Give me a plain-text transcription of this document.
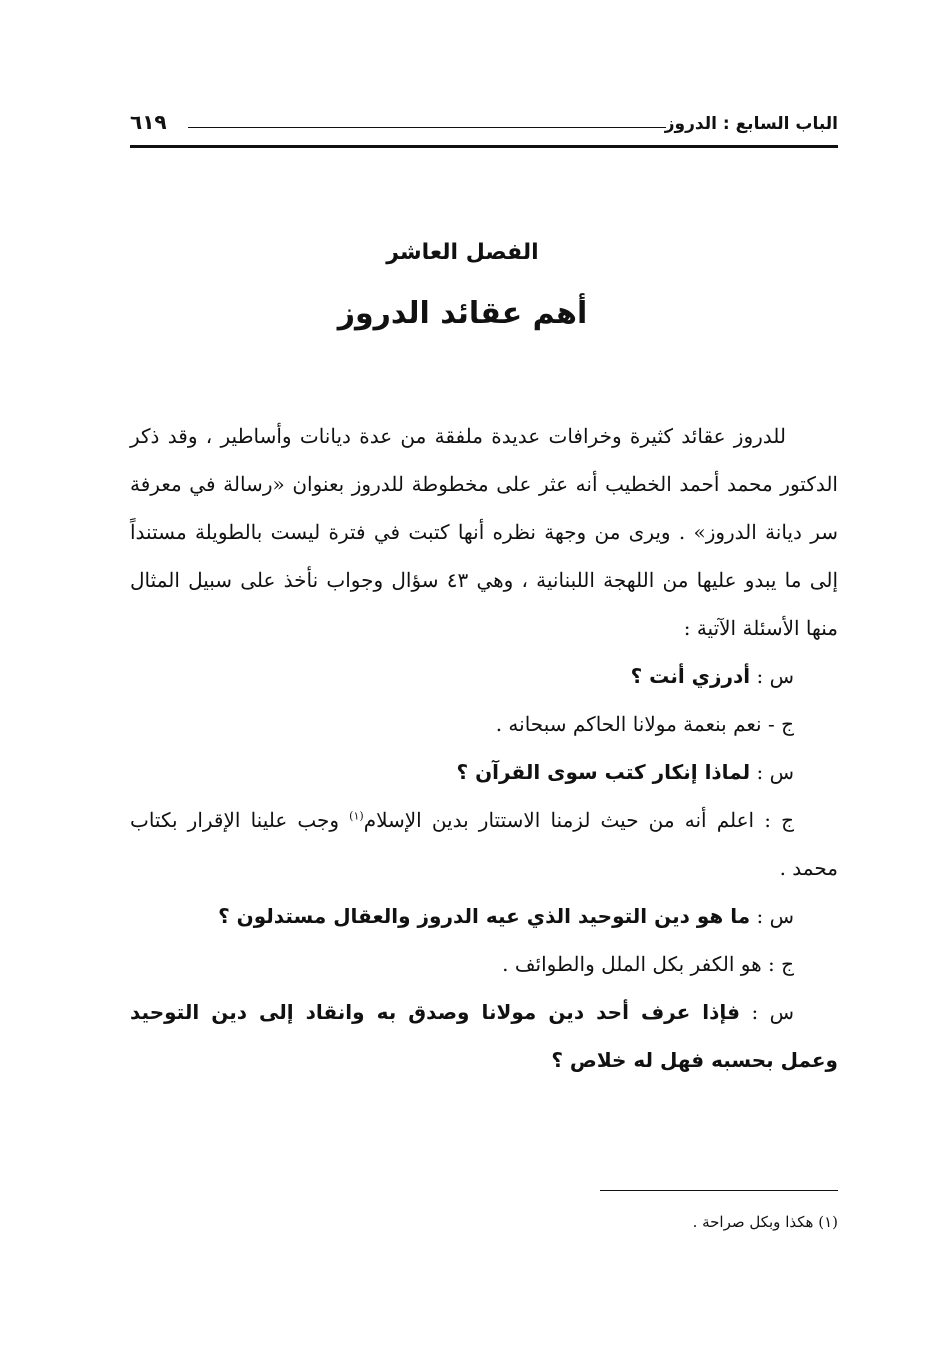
الباب السابع : الدروز
٦١٩
الفصل العاشر
أهم عقائد الدروز

للدروز عقائد كثيرة وخرافات عديدة ملفقة من عدة ديانات وأساطير ، وقد ذكر الدكتور محمد أحمد الخطيب أنه عثر على مخطوطة للدروز بعنوان «رسالة في معرفة سر ديانة الدروز» . ويرى من وجهة نظره أنها كتبت في فترة ليست بالطويلة مستنداً إلى ما يبدو عليها من اللهجة اللبنانية ، وهي ٤٣ سؤال وجواب نأخذ على سبيل المثال منها الأسئلة الآتية :

س : أدرزي أنت ؟

ج - نعم بنعمة مولانا الحاكم سبحانه .

س : لماذا إنكار كتب سوى القرآن ؟

ج : اعلم أنه من حيث لزمنا الاستتار بدين الإسلام$^{(١)}$ وجب علينا الإقرار بكتاب محمد .

س : ما هو دين التوحيد الذي عيه الدروز والعقال مستدلون ؟

ج : هو الكفر بكل الملل والطوائف .

س : فإذا عرف أحد دين مولانا وصدق به وانقاد إلى دين التوحيد وعمل بحسبه فهل له خلاص ؟

(١) هكذا وبكل صراحة .
